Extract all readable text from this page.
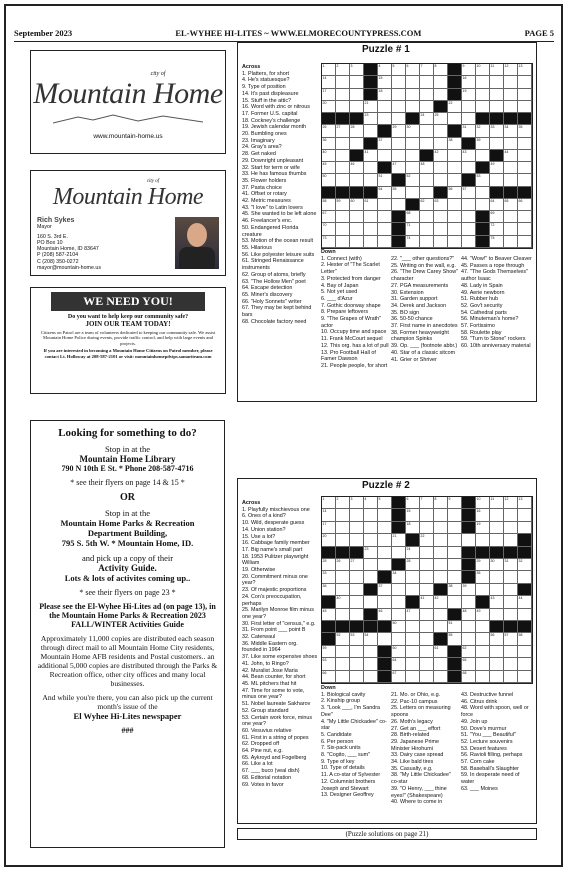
September 2023	EL-WYHEE HI-LITES ~ WWW.ELMORECOUNTYPRESS.COM	PAGE 5
city of
Mountain Home
www.mountain-home.us
city of
Mountain Home
Rich Sykes
Mayor
160 S. 3rd E.
PO Box 10
Mountain Home, ID 83647
P (208) 587-2104
C (208) 350-0272
mayor@mountain-home.us
WE NEED YOU!
Do you want to help keep our community safe?
JOIN OUR TEAM TODAY!
Citizens on Patrol are a team of volunteers dedicated to keeping our community safe. We assist Mountain Home Police during events, provide traffic control, and help with large events and projects.
If you are interested in becoming a Mountain Home Citizens on Patrol member, please contact Lt. Holloway at 208-587-2101 or visit: mountainhomepdvips.samariteam.com
Looking for something to do?
Stop in at the
Mountain Home Library
790 N 10th E St. * Phone 208-587-4716
* see their flyers on page 14 & 15 *
OR
Stop in at the
Mountain Home Parks & Recreation
Department Building,
795 S. 5th W. * Mountain Home, ID.
and pick up a copy of their
Activity Guide.
Lots & lots of activites coming up..
* see their flyers on page 23 *
Please see the El-Wyhee Hi-Lites ad (on page 13), in the Mountain Home Parks & Recreation 2023 FALL/WINTER Activities Guide
Approximately 11,000 copies are distributed each season through direct mail to all Mountain Home City residents, Mountain Home AFB residents and Postal customers.. an additional 5,000 copies are distributed through the Parks & Recreation office, other city offices and many local businesses.
And while you're there, you can also pick up the current month's issue of the
El Wyhee Hi-Lites newspaper
###
Puzzle # 1
Across
1. Platters, for short
4. He's statuesque?
9. Type of position
14. It's past displeasure
15. Stuff in the attic?
16. Word with zinc or nitrous
17. Former U.S. capital
18. Cockney's challenge
19. Jewish calendar month
20. Bumbling ones
23. Imaginary
24. Gray's area?
28. Get naked
29. Downright unpleasant
32. Start for term or wife
33. He has famous thumbs
35. Flower holders
37. Pasta choice
41. Offset or rotary
42. Metric measures
43. "I love" to Latin lovers
45. She wanted to be left alone
46. Freelancer's enc.
50. Endangered Florida creature
53. Motion of the ocean result
55. Hilarious
56. Like polyester leisure suits
61. Stringed Renaissance instruments
62. Group of atoms, briefly
63. "The Hollow Men" poet
64. Escape detection
65. Miner's discovery
66. "Holy Sonnets" writer
67. They may be kept behind bars
68. Chocolate factory need
1	2	3	4	5	6	7	8	9	10	11	12	13
14	15	16
17	18	19
20	21	22
23	24	25
26	27	28	29	30	31	32	33	34	35
36	37	38	39
40	41	42	43	44
45	46	47	48	49
50	51	52	53
54	55	56	57
58	59	60	61	62	63	64	65	66
67	68	69
70	71	72
73	74	75
Down
1. Connect (with)
2. Hester of "The Scarlet Letter"
3. Protected from danger
4. Bay of Japan
5. Not yet used
6. ___ d'Azur
7. Gothic doorway shape
8. Prepare leftovers
9. "The Grapes of Wrath" actor
10. Occupy time and space
11. Frank McCourt sequel
12. This org. has a lot of pull
13. Pro Football Hall of Famer Dawson
21. People people, for short
22. "___ other questions?"
25. Writing on the wall, e.g.
26. "The Drew Carey Show" character
27. PGA measurements
30. Extension
31. Garden support
34. Derek and Jackson
35. BO sign
36. 50-50 chance
37. First name in anecdotes
38. Former heavyweight champion Spinks
39. Op. ___ (footnote abbr.)
40. Star of a classic sitcom
41. Grier or Shriver
44. "Wow!" to Beaver Cleaver
45. Passes a rope through
47. "The Gods Themselves" author Isaac
48. Lady in Spain
49. Aerie newborn
51. Rubber hub
52. Gov't security
54. Cathedral parts
56. Minuteman's home?
57. Fortissimo
58. Roulette play
59. "Turn to Stone" rockers
60. 10th anniversary material
Puzzle # 2
Across
1. Playfully mischievous one
6. Ones of a kind?
10. Wild, desperate guess
14. Union station?
15. Use a lot?
16. Cabbage family member
17. Big name's small part
18. 1953 Pulitzer playwright William
19. Otherwise
20. Commitment minus one year?
23. Of majestic proportions
24. Con's preoccupation, perhaps
25. Marilyn Monroe film minus one year?
30. First letter of "census," e.g.
31. From point ___ point B
32. Caterwaul
36. Middle Eastern org. founded in 1964
37. Like some expensive shoes
41. John, to Ringo?
42. Muralist Jose Maria
44. Bean counter, for short
45. ML pitchers that hit
47. Time for some to vote, minus one year?
51. Nobel laureate Sakharov
52. Group standard
53. Certain work force, minus one year?
60. Vesuvius relative
61. First in a string of popes
62. Dropped off
64. Pine nut, e.g.
65. Aykroyd and Fogelberg
66. Like a lot
67. ___ buco (veal dish)
68. Editorial notation
69. Votes in favor
1	2	3	4	5	6	7	8	9	10	11	12	13
14	15	16
17	18	19
20	21	22
23	24
25	26	27	28	29	30	31	32
33	34	35
36	37	38	39
40	41	42	43	44
45	46	47	48	49
50	51
52	53	54	55	56	57	58
59	60	61	62
63	64	65
66	67	68
Down
1. Biological cavity
2. Kinship group
3. "Look ___, I'm Sandra Dee"
4. "My Little Chickadee" co-star
5. Candidate
6. Per person
7. Six-pack units
8. "Cogito, ___ sum"
9. Type of key
10. Type of details
11. A co-star of Sylvester
12. Columnist brothers Joseph and Stewart
13. Designer Geoffrey
21. Mo. or Ohio, e.g.
22. Pac-10 campus
25. Letters on measuring spoons
26. Moth's legacy
27. Get an ___ effort
28. Birth-related
29. Japanese Prime Minister Hirohumi
33. Dairy case spread
34. Like bald tires
35. Casualty, e.g.
38. "My Little Chickadee" co-star
39. "O Henry, ___ thine eyes!" (Shakespeare)
40. Where to come in
43. Destructive funnel
46. Citrus drink
48. Word with spoon, well or force
49. Join up
50. Dove's murmur
51. "You ___ Beautiful"
52. Lecture souvenirs
53. Desert features
56. Ravioli filling, perhaps
57. Corn cake
58. Baseball's Slaughter
59. In desperate need of water
63. ___ Moines
(Puzzle solutions on page 21)
